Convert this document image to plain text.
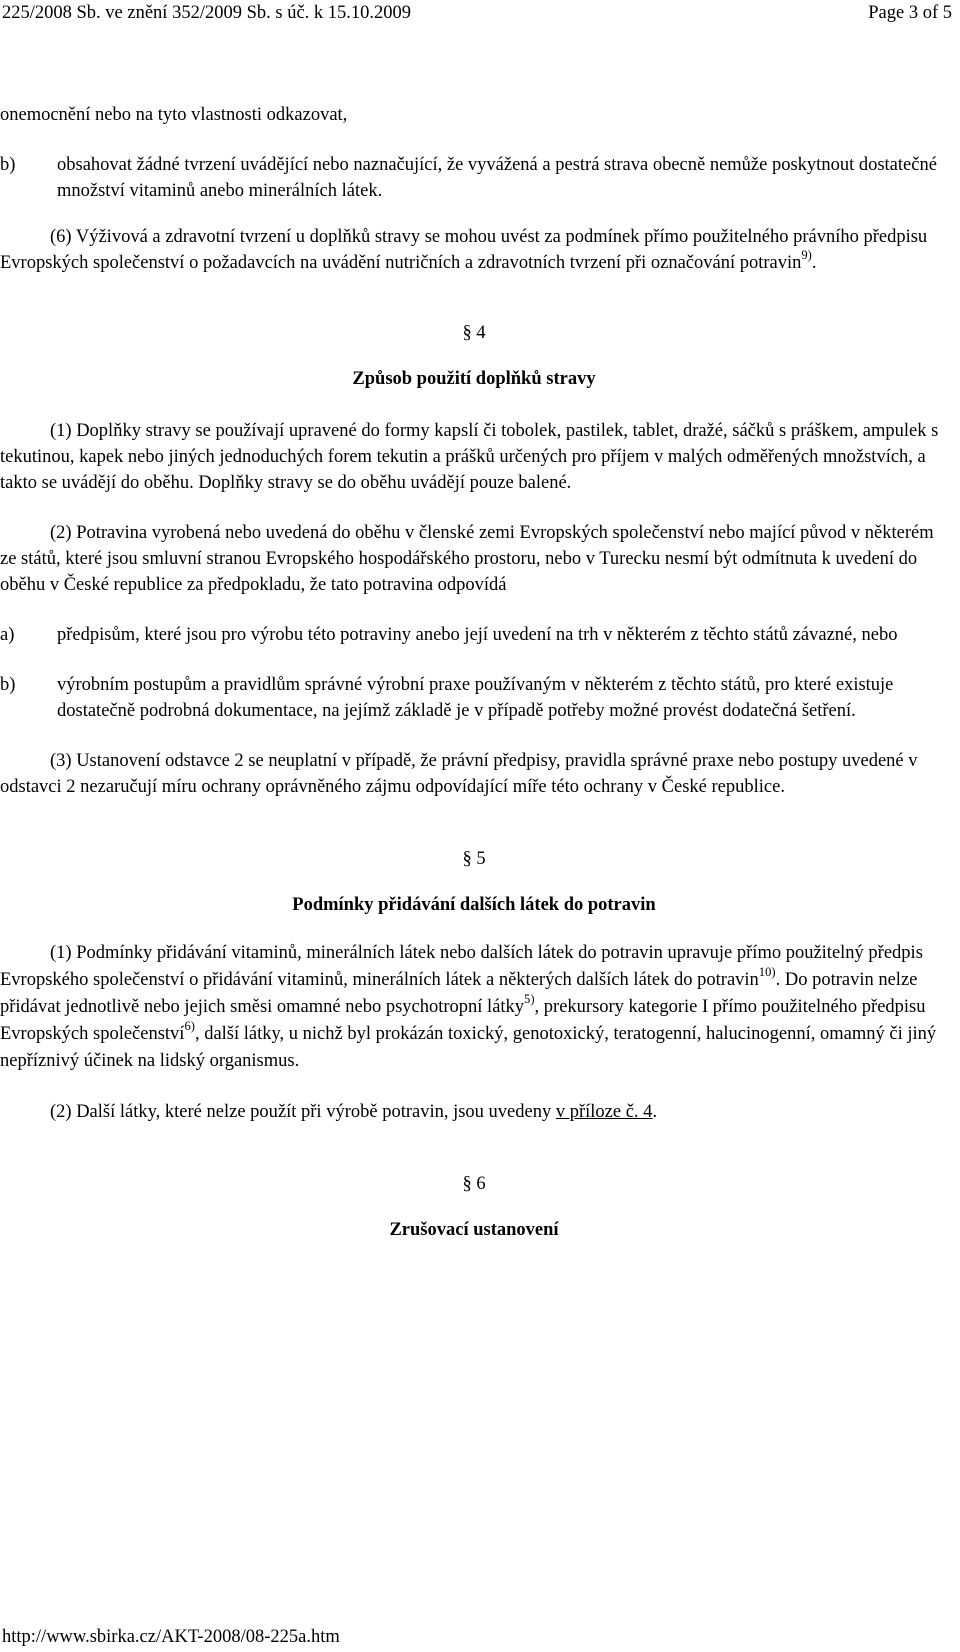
225/2008 Sb. ve znění 352/2009 Sb. s úč. k 15.10.2009	Page 3 of 5

onemocnění nebo na tyto vlastnosti odkazovat,

b) obsahovat žádné tvrzení uvádějící nebo naznačující, že vyvážená a pestrá strava obecně nemůže poskytnout dostatečné množství vitaminů anebo minerálních látek.

(6) Výživová a zdravotní tvrzení u doplňků stravy se mohou uvést za podmínek přímo použitelného právního předpisu Evropských společenství o požadavcích na uvádění nutričních a zdravotních tvrzení při označování potravin$^{9)}$.

§ 4

Způsob použití doplňků stravy

(1) Doplňky stravy se používají upravené do formy kapslí či tobolek, pastilek, tablet, dražé, sáčků s práškem, ampulek s tekutinou, kapek nebo jiných jednoduchých forem tekutin a prášků určených pro příjem v malých odměřených množstvích, a takto se uvádějí do oběhu. Doplňky stravy se do oběhu uvádějí pouze balené.

(2) Potravina vyrobená nebo uvedená do oběhu v členské zemi Evropských společenství nebo mající původ v některém ze států, které jsou smluvní stranou Evropského hospodářského prostoru, nebo v Turecku nesmí být odmítnuta k uvedení do oběhu v České republice za předpokladu, že tato potravina odpovídá

a) předpisům, které jsou pro výrobu této potraviny anebo její uvedení na trh v některém z těchto států závazné, nebo
b) výrobním postupům a pravidlům správné výrobní praxe používaným v některém z těchto států, pro které existuje dostatečně podrobná dokumentace, na jejímž základě je v případě potřeby možné provést dodatečná šetření.

(3) Ustanovení odstavce 2 se neuplatní v případě, že právní předpisy, pravidla správné praxe nebo postupy uvedené v odstavci 2 nezaručují míru ochrany oprávněného zájmu odpovídající míře této ochrany v České republice.

§ 5

Podmínky přidávání dalších látek do potravin

(1) Podmínky přidávání vitaminů, minerálních látek nebo dalších látek do potravin upravuje přímo použitelný předpis Evropského společenství o přidávání vitaminů, minerálních látek a některých dalších látek do potravin$^{10)}$. Do potravin nelze přidávat jednotlivě nebo jejich směsi omamné nebo psychotropní látky$^{5)}$, prekursory kategorie I přímo použitelného předpisu Evropských společenství$^{6)}$, další látky, u nichž byl prokázán toxický, genotoxický, teratogenní, halucinogenní, omamný či jiný nepříznivý účinek na lidský organismus.

(2) Další látky, které nelze použít při výrobě potravin, jsou uvedeny v příloze č. 4.

§ 6

Zrušovací ustanovení

http://www.sbirka.cz/AKT-2008/08-225a.htm
